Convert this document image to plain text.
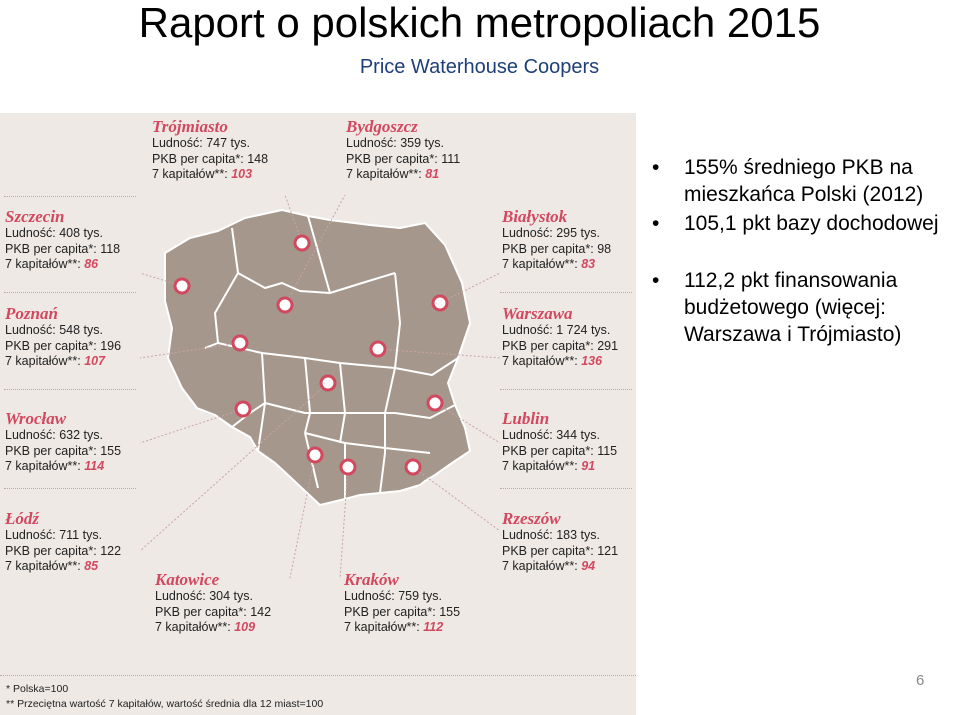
Raport o polskich metropoliach 2015
Price Waterhouse Coopers
Trójmiasto
Ludność: 747 tys.
PKB per capita*: 148
7 kapitałów**: 103
Bydgoszcz
Ludność: 359 tys.
PKB per capita*: 111
7 kapitałów**: 81
Szczecin
Ludność: 408 tys.
PKB per capita*: 118
7 kapitałów**: 86
Białystok
Ludność: 295 tys.
PKB per capita*: 98
7 kapitałów**: 83
Poznań
Ludność: 548 tys.
PKB per capita*: 196
7 kapitałów**: 107
Warszawa
Ludność: 1 724 tys.
PKB per capita*: 291
7 kapitałów**: 136
Wrocław
Ludność: 632 tys.
PKB per capita*: 155
7 kapitałów**: 114
Lublin
Ludność: 344 tys.
PKB per capita*: 115
7 kapitałów**: 91
Łódź
Ludność: 711 tys.
PKB per capita*: 122
7 kapitałów**: 85
Rzeszów
Ludność: 183 tys.
PKB per capita*: 121
7 kapitałów**: 94
Katowice
Ludność: 304 tys.
PKB per capita*: 142
7 kapitałów**: 109
Kraków
Ludność: 759 tys.
PKB per capita*: 155
7 kapitałów**: 112
* Polska=100
** Przeciętna wartość 7 kapitałów, wartość średnia dla 12 miast=100
• 155% średniego PKB na mieszkańca Polski (2012)
• 105,1 pkt bazy dochodowej
• 112,2 pkt finansowania budżetowego (więcej: Warszawa i Trójmiasto)
6
